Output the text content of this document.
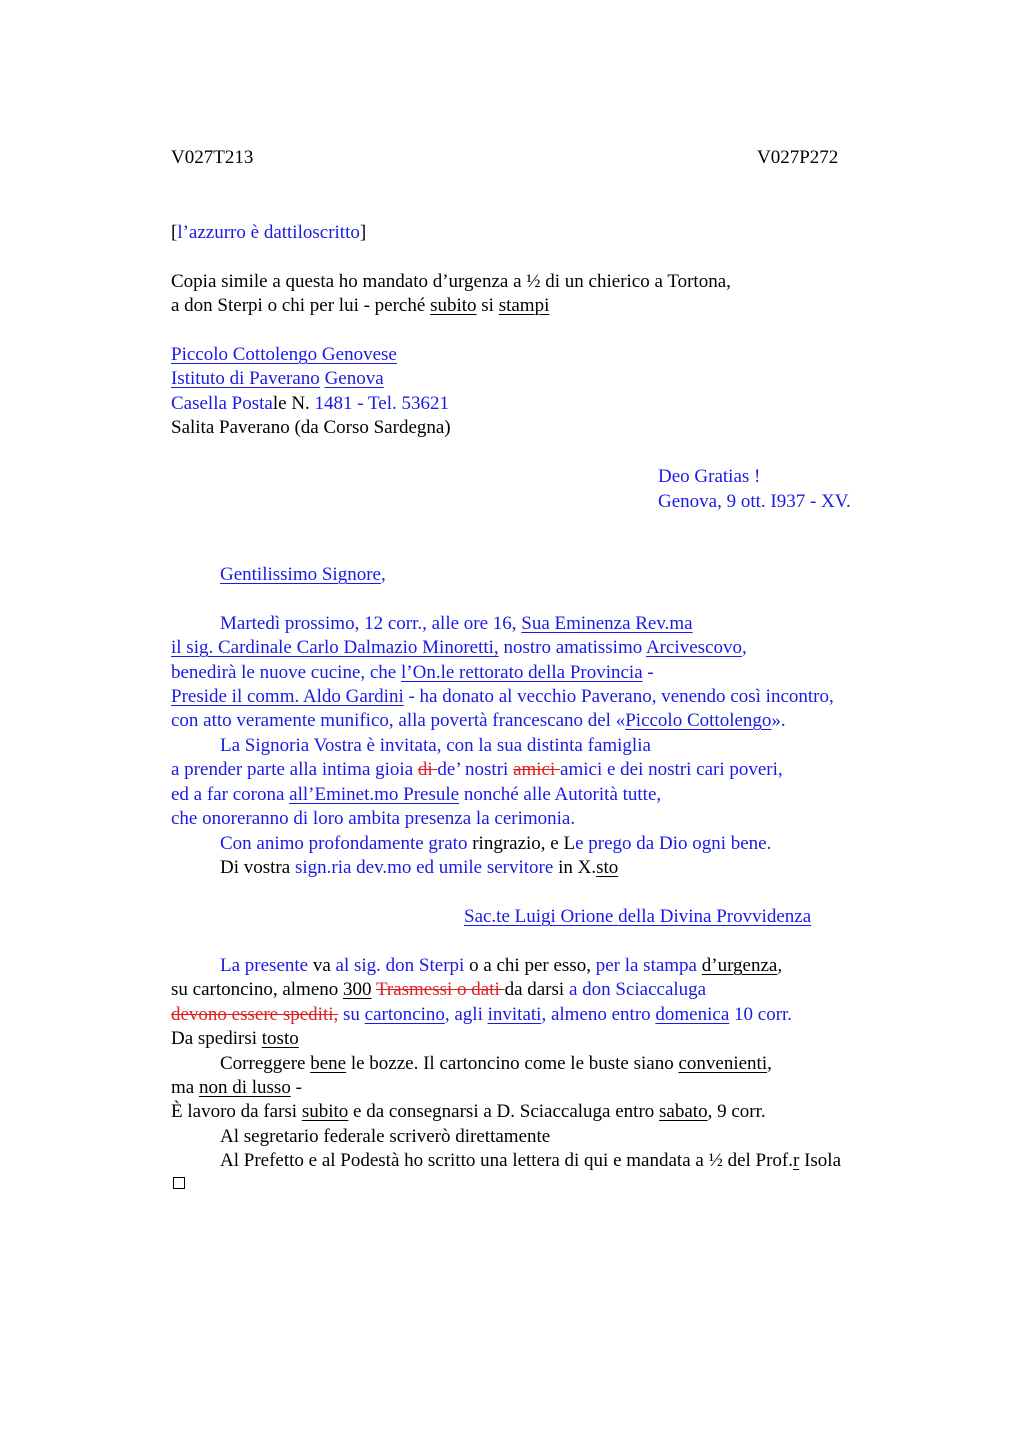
V027T213	V027P272
[l’azzurro è dattiloscritto]
Copia simile a questa ho mandato d’urgenza a ½ di un chierico a Tortona,
a don Sterpi o chi per lui - perché subito si stampi
Piccolo Cottolengo Genovese
Istituto di Paverano Genova
Casella Postale N. 1481 - Tel. 53621
Salita Paverano (da Corso Sardegna)
Deo Gratias !
Genova, 9 ott. I937 - XV.
Gentilissimo Signore,
Martedì prossimo, 12 corr., alle ore 16, Sua Eminenza Rev.ma
il sig. Cardinale Carlo Dalmazio Minoretti, nostro amatissimo Arcivescovo,
benedirà le nuove cucine, che l’On.le rettorato della Provincia -
Preside il comm. Aldo Gardini - ha donato al vecchio Paverano, venendo così incontro,
con atto veramente munifico, alla povertà francescano del «Piccolo Cottolengo».
La Signoria Vostra è invitata, con la sua distinta famiglia
a prender parte alla intima gioia di de’ nostri amici amici e dei nostri cari poveri,
ed a far corona all’Eminet.mo Presule nonché alle Autorità tutte,
che onoreranno di loro ambita presenza la cerimonia.
Con animo profondamente grato ringrazio, e Le prego da Dio ogni bene.
Di vostra sign.ria dev.mo ed umile servitore in X.sto
Sac.te Luigi Orione della Divina Provvidenza
La presente va al sig. don Sterpi o a chi per esso, per la stampa d’urgenza,
su cartoncino, almeno 300 Trasmessi o dati da darsi a don Sciaccaluga
devono essere spediti, su cartoncino, agli invitati, almeno entro domenica 10 corr.
Da spedirsi tosto
Correggere bene le bozze. Il cartoncino come le buste siano convenienti,
ma non di lusso -
È lavoro da farsi subito e da consegnarsi a D. Sciaccaluga entro sabato, 9 corr.
Al segretario federale scriverò direttamente
Al Prefetto e al Podestà ho scritto una lettera di qui e mandata a ½ del Prof.r Isola
